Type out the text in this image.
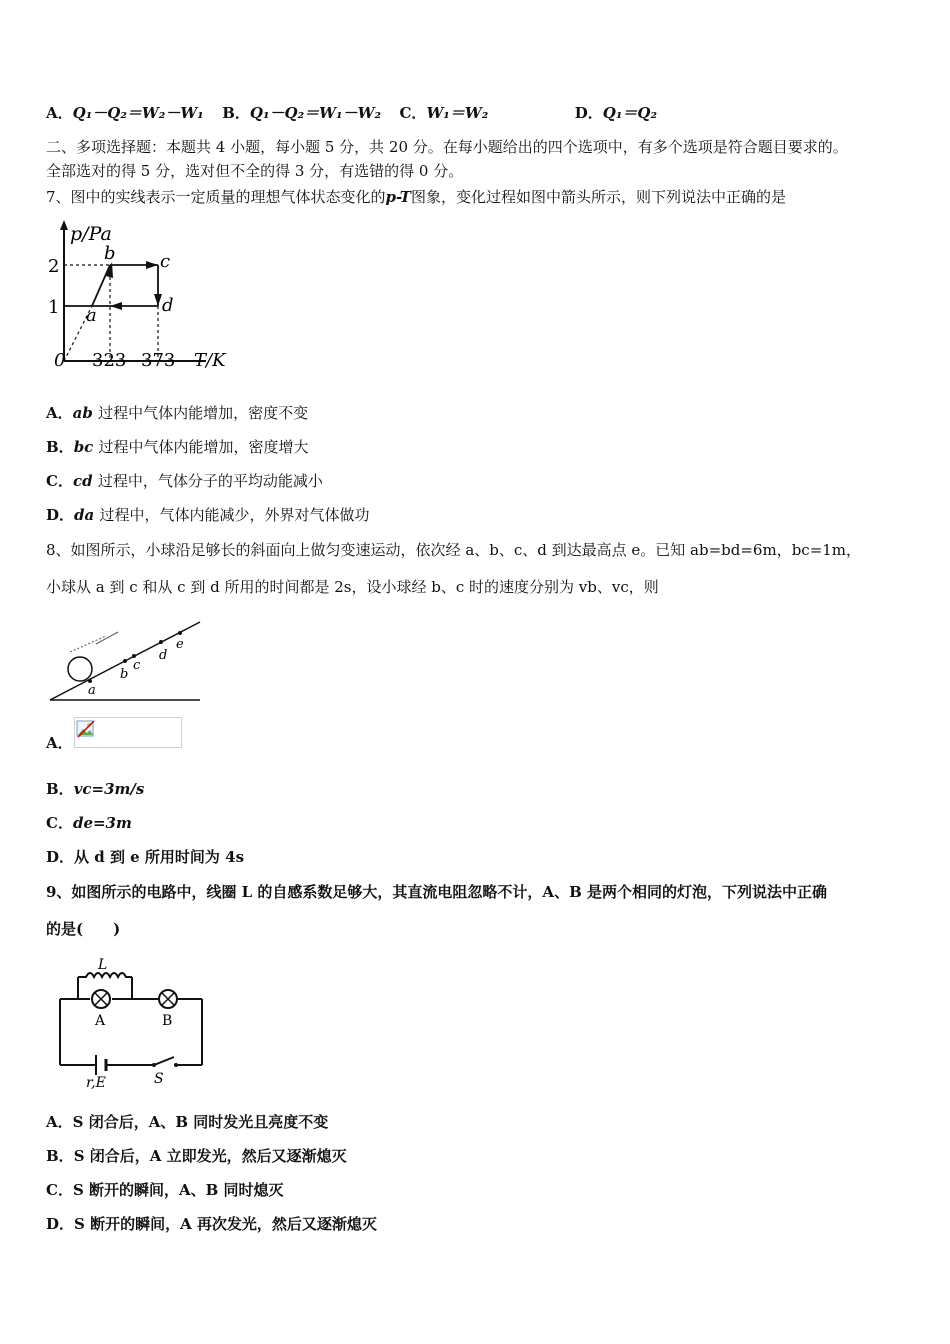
A．Q₁－Q₂＝W₂－W₁ B．Q₁－Q₂＝W₁－W₂ C．W₁＝W₂	D．Q₁＝Q₂
二、多项选择题：本题共 4 小题，每小题 5 分，共 20 分。在每小题给出的四个选项中，有多个选项是符合题目要求的。
全部选对的得 5 分，选对但不全的得 3 分，有选错的得 0 分。
7、图中的实线表示一定质量的理想气体状态变化的p-T图象，变化过程如图中箭头所示，则下列说法中正确的是
p/Pa
2
1
0 323 373 T/K
a
b c
d
A．ab 过程中气体内能增加，密度不变
B．bc 过程中气体内能增加，密度增大
C．cd 过程中，气体分子的平均动能减小
D．da 过程中，气体内能减少，外界对气体做功
8、如图所示，小球沿足够长的斜面向上做匀变速运动，依次经 a、b、c、d 到达最高点 e。已知 ab=bd=6m，bc=1m，
小球从 a 到 c 和从 c 到 d 所用的时间都是 2s，设小球经 b、c 时的速度分别为 vb、vc，则
a
b
c
d
e
A．
B．vc=3m/s
C．de=3m
D．从 d 到 e 所用时间为 4s
9、如图所示的电路中，线圈 L 的自感系数足够大，其直流电阻忽略不计，A、B 是两个相同的灯泡，下列说法中正确
的是(　　)
L
A	B
r,E	S
A．S 闭合后，A、B 同时发光且亮度不变
B．S 闭合后，A 立即发光，然后又逐渐熄灭
C．S 断开的瞬间，A、B 同时熄灭
D．S 断开的瞬间，A 再次发光，然后又逐渐熄灭
